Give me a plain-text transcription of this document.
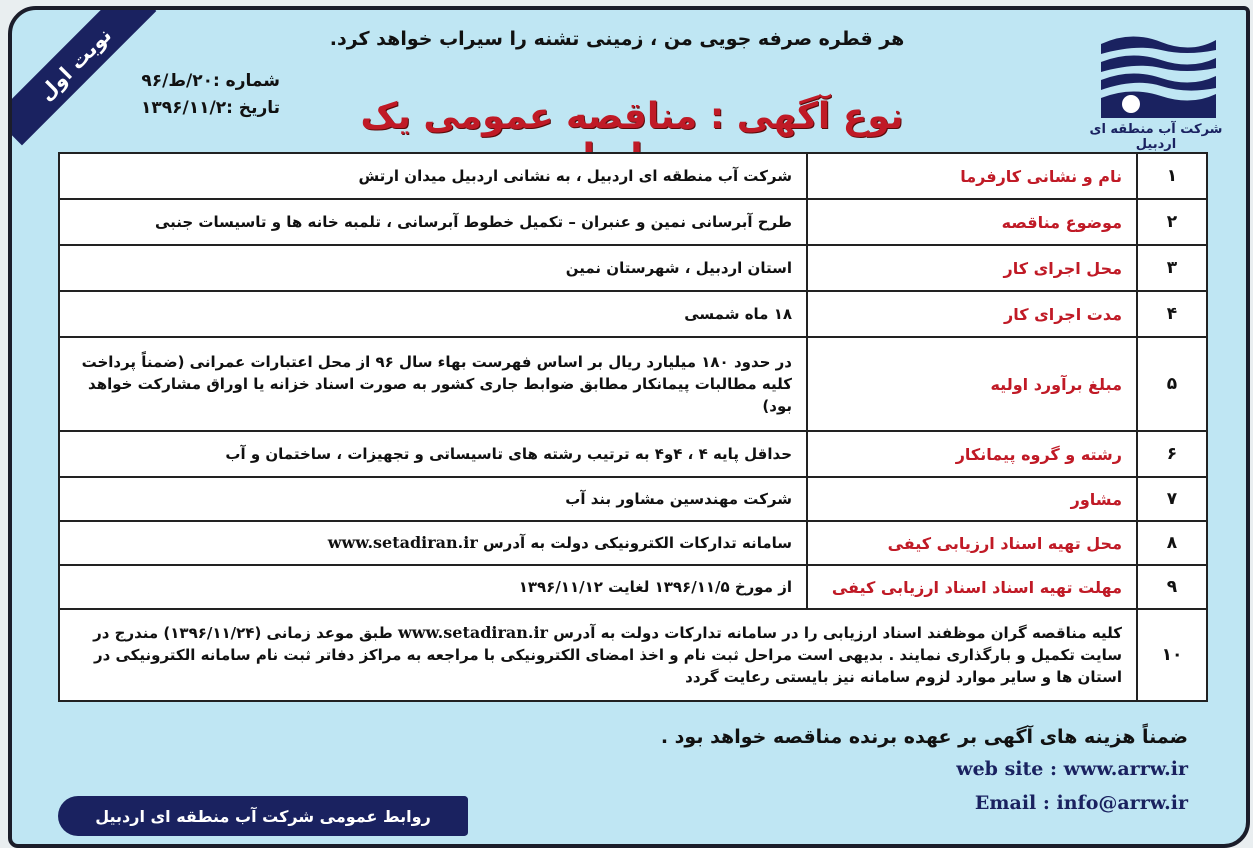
نوبت اول	هر قطره صرفه جویی من ، زمینی تشنه را سیراب خواهد کرد.
شماره :۲۰/ط/۹۶
تاریخ :۱۳۹۶/۱۱/۲	نوع آگهی : مناقصه عمومی یک	شرکت آب منطقه ای اردبیل
۱	نام و نشانی کارفرما	شرکت آب منطقه ای اردبیل ، به نشانی اردبیل میدان ارتش
۲	موضوع مناقصه	طرح آبرسانی نمین و عنبران – تکمیل خطوط آبرسانی ، تلمبه خانه ها و تاسیسات جنبی
۳	محل اجرای کار	استان اردبیل ، شهرستان نمین
۴	مدت اجرای کار	۱۸ ماه شمسی
۵	مبلغ برآورد اولیه	در حدود ۱۸۰ میلیارد ریال بر اساس فهرست بهاء سال ۹۶ از محل اعتبارات عمرانی (ضمناً پرداخت کلیه مطالبات پیمانکار مطابق ضوابط جاری کشور به صورت اسناد خزانه یا اوراق مشارکت خواهد بود)
۶	رشته و گروه پیمانکار	حداقل پایه ۴ ، ۴و۴ به ترتیب رشته های تاسیساتی و تجهیزات ، ساختمان و آب
۷	مشاور	شرکت مهندسین مشاور بند آب
۸	محل تهیه اسناد ارزیابی کیفی	سامانه تدارکات الکترونیکی دولت به آدرس www.setadiran.ir
۹	مهلت تهیه اسناد اسناد ارزیابی کیفی	از مورخ ۱۳۹۶/۱۱/۵ لغایت ۱۳۹۶/۱۱/۱۲
۱۰	کلیه مناقصه گران موظفند اسناد ارزیابی را در سامانه تدارکات دولت به آدرس www.setadiran.ir طبق موعد زمانی (۱۳۹۶/۱۱/۲۴) مندرج در سایت تکمیل و بارگذاری نمایند . بدیهی است مراحل ثبت نام و اخذ امضای الکترونیکی با مراجعه به مراکز دفاتر ثبت نام سامانه الکترونیکی در استان ها و سایر موارد لزوم سامانه نیز بایستی رعایت گردد	
ضمناً هزینه های آگهی بر عهده برنده مناقصه خواهد بود .
web site : www.arrw.ir
Email : info@arrw.ir
روابط عمومی شرکت آب منطقه ای اردبیل
